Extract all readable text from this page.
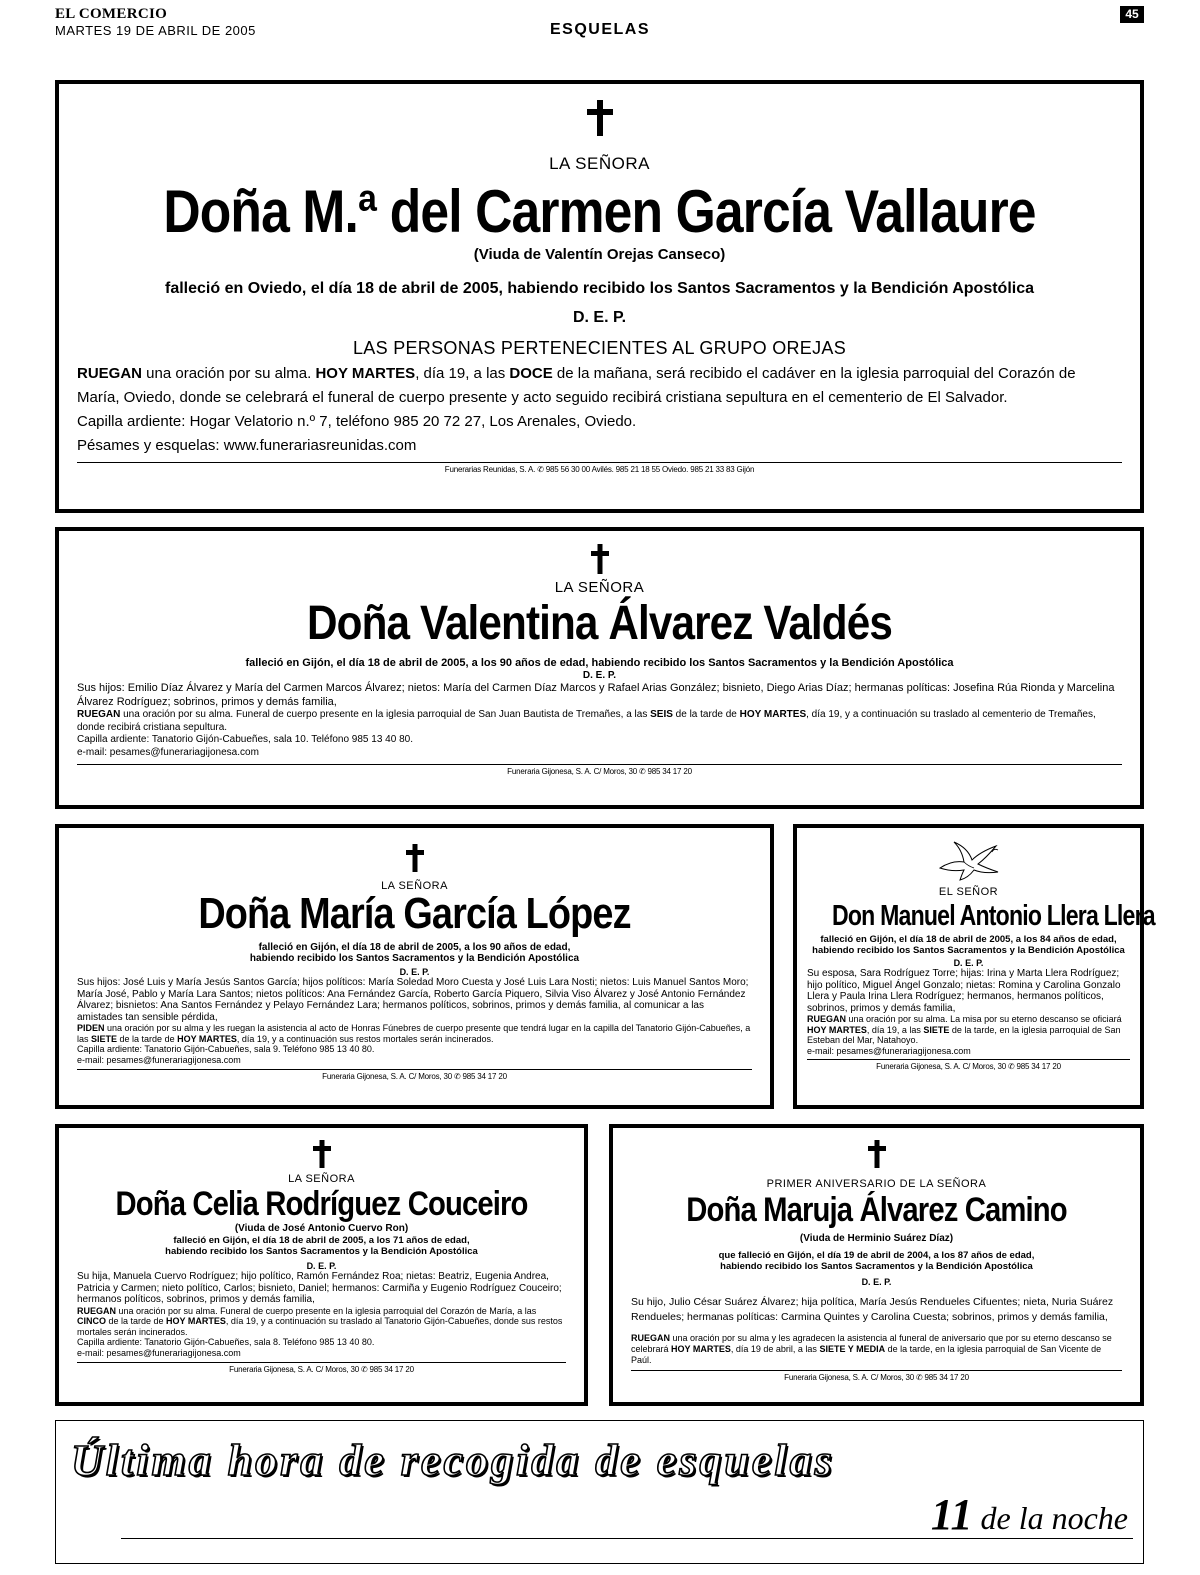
EL COMERCIO
MARTES 19 DE ABRIL DE 2005	ESQUELAS
45
LA SEÑORA
Doña M.ª del Carmen García Vallaure
(Viuda de Valentín Orejas Canseco)
falleció en Oviedo, el día 18 de abril de 2005, habiendo recibido los Santos Sacramentos y la Bendición Apostólica
D. E. P.
LAS PERSONAS PERTENECIENTES AL GRUPO OREJAS
RUEGAN una oración por su alma. HOY MARTES, día 19, a las DOCE de la mañana, será recibido el cadáver en la iglesia parroquial del Corazón de María, Oviedo, donde se celebrará el funeral de cuerpo presente y acto seguido recibirá cristiana sepultura en el cementerio de El Salvador.
Capilla ardiente: Hogar Velatorio n.º 7, teléfono 985 20 72 27, Los Arenales, Oviedo.
Pésames y esquelas: www.funerariasreunidas.com
Funerarias Reunidas, S. A. ✆ 985 56 30 00 Avilés. 985 21 18 55 Oviedo. 985 21 33 83 Gijón
LA SEÑORA
Doña Valentina Álvarez Valdés
falleció en Gijón, el día 18 de abril de 2005, a los 90 años de edad, habiendo recibido los Santos Sacramentos y la Bendición Apostólica
D. E. P.
Sus hijos: Emilio Díaz Álvarez y María del Carmen Marcos Álvarez; nietos: María del Carmen Díaz Marcos y Rafael Arias González; bisnieto, Diego Arias Díaz; hermanas políticas: Josefina Rúa Rionda y Marcelina Álvarez Rodríguez; sobrinos, primos y demás familia,
RUEGAN una oración por su alma. Funeral de cuerpo presente en la iglesia parroquial de San Juan Bautista de Tremañes, a las SEIS de la tarde de HOY MARTES, día 19, y a continuación su traslado al cementerio de Tremañes, donde recibirá cristiana sepultura.
Capilla ardiente: Tanatorio Gijón-Cabueñes, sala 10. Teléfono 985 13 40 80.
e-mail: pesames@funerariagijonesa.com
Funeraria Gijonesa, S. A. C/ Moros, 30 ✆ 985 34 17 20
LA SEÑORA
Doña María García López
falleció en Gijón, el día 18 de abril de 2005, a los 90 años de edad,
habiendo recibido los Santos Sacramentos y la Bendición Apostólica
D. E. P.
Sus hijos: José Luis y María Jesús Santos García; hijos políticos: María Soledad Moro Cuesta y José Luis Lara Nosti; nietos: Luis Manuel Santos Moro; María José, Pablo y María Lara Santos; nietos políticos: Ana Fernández García, Roberto García Piquero, Silvia Viso Álvarez y José Antonio Fernández Álvarez; bisnietos: Ana Santos Fernández y Pelayo Fernández Lara; hermanos políticos, sobrinos, primos y demás familia, al comunicar a las amistades tan sensible pérdida,
PIDEN una oración por su alma y les ruegan la asistencia al acto de Honras Fúnebres de cuerpo presente que tendrá lugar en la capilla del Tanatorio Gijón-Cabueñes, a las SIETE de la tarde de HOY MARTES, día 19, y a continuación sus restos mortales serán incinerados.
Capilla ardiente: Tanatorio Gijón-Cabueñes, sala 9. Teléfono 985 13 40 80.
e-mail: pesames@funerariagijonesa.com
Funeraria Gijonesa, S. A. C/ Moros, 30 ✆ 985 34 17 20
EL SEÑOR
Don Manuel Antonio Llera Llera
falleció en Gijón, el día 18 de abril de 2005, a los 84 años de edad,
habiendo recibido los Santos Sacramentos y la Bendición Apostólica
D. E. P.
Su esposa, Sara Rodríguez Torre; hijas: Irina y Marta Llera Rodríguez; hijo político, Miguel Ángel Gonzalo; nietas: Romina y Carolina Gonzalo Llera y Paula Irina Llera Rodríguez; hermanos, hermanos políticos, sobrinos, primos y demás familia,
RUEGAN una oración por su alma. La misa por su eterno descanso se oficiará HOY MARTES, día 19, a las SIETE de la tarde, en la iglesia parroquial de San Esteban del Mar, Natahoyo.
e-mail: pesames@funerariagijonesa.com
Funeraria Gijonesa, S. A. C/ Moros, 30 ✆ 985 34 17 20
LA SEÑORA
Doña Celia Rodríguez Couceiro
(Viuda de José Antonio Cuervo Ron)
falleció en Gijón, el día 18 de abril de 2005, a los 71 años de edad,
habiendo recibido los Santos Sacramentos y la Bendición Apostólica
D. E. P.
Su hija, Manuela Cuervo Rodríguez; hijo político, Ramón Fernández Roa; nietas: Beatriz, Eugenia Andrea, Patricia y Carmen; nieto político, Carlos; bisnieto, Daniel; hermanos: Carmiña y Eugenio Rodríguez Couceiro; hermanos políticos, sobrinos, primos y demás familia,
RUEGAN una oración por su alma. Funeral de cuerpo presente en la iglesia parroquial del Corazón de María, a las CINCO de la tarde de HOY MARTES, día 19, y a continuación su traslado al Tanatorio Gijón-Cabueñes, donde sus restos mortales serán incinerados.
Capilla ardiente: Tanatorio Gijón-Cabueñes, sala 8. Teléfono 985 13 40 80.
e-mail: pesames@funerariagijonesa.com
Funeraria Gijonesa, S. A. C/ Moros, 30 ✆ 985 34 17 20
PRIMER ANIVERSARIO DE LA SEÑORA
Doña Maruja Álvarez Camino
(Viuda de Herminio Suárez Díaz)
que falleció en Gijón, el día 19 de abril de 2004, a los 87 años de edad,
habiendo recibido los Santos Sacramentos y la Bendición Apostólica
D. E. P.
Su hijo, Julio César Suárez Álvarez; hija política, María Jesús Rendueles Cifuentes; nieta, Nuria Suárez Rendueles; hermanas políticas: Carmina Quintes y Carolina Cuesta; sobrinos, primos y demás familia,
RUEGAN una oración por su alma y les agradecen la asistencia al funeral de aniversario que por su eterno descanso se celebrará HOY MARTES, día 19 de abril, a las SIETE Y MEDIA de la tarde, en la iglesia parroquial de San Vicente de Paúl.
Funeraria Gijonesa, S. A. C/ Moros, 30 ✆ 985 34 17 20
Última hora de recogida de esquelas
11 de la noche
